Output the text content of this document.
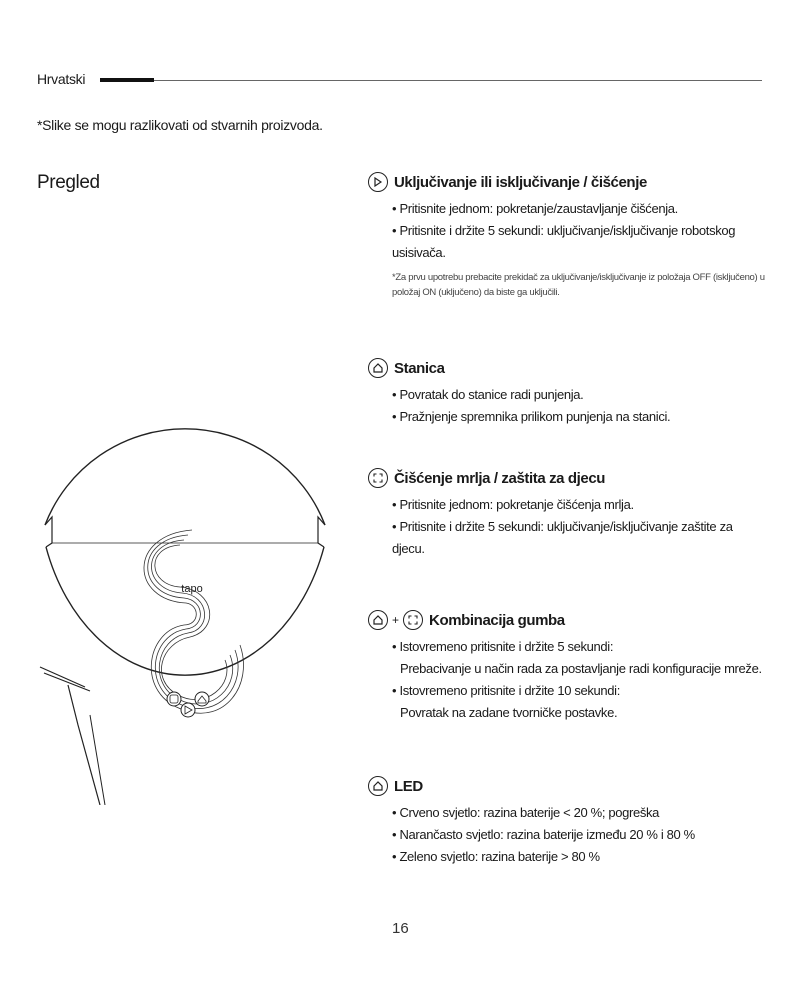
Hrvatski
*Slike se mogu razlikovati od stvarnih proizvoda.
Pregled
tapo
Uključivanje ili isključivanje / čišćenje
• Pritisnite jednom: pokretanje/zaustavljanje čišćenja.
• Pritisnite i držite 5 sekundi: uključivanje/isključivanje robotskog usisivača.
*Za prvu upotrebu prebacite prekidač za uključivanje/isključivanje iz položaja OFF (isključeno) u položaj ON (uključeno) da biste ga uključili.
Stanica
• Povratak do stanice radi punjenja.
• Pražnjenje spremnika prilikom punjenja na stanici.
Čišćenje mrlja / zaštita za djecu
• Pritisnite jednom: pokretanje čišćenja mrlja.
• Pritisnite i držite 5 sekundi: uključivanje/isključivanje zaštite za djecu.
+ Kombinacija gumba
• Istovremeno pritisnite i držite 5 sekundi:
Prebacivanje u način rada za postavljanje radi konfiguracije mreže.
• Istovremeno pritisnite i držite 10 sekundi:
Povratak na zadane tvorničke postavke.
LED
• Crveno svjetlo: razina baterije < 20 %; pogreška
• Narančasto svjetlo: razina baterije između 20 % i 80 %
• Zeleno svjetlo: razina baterije > 80 %
16
